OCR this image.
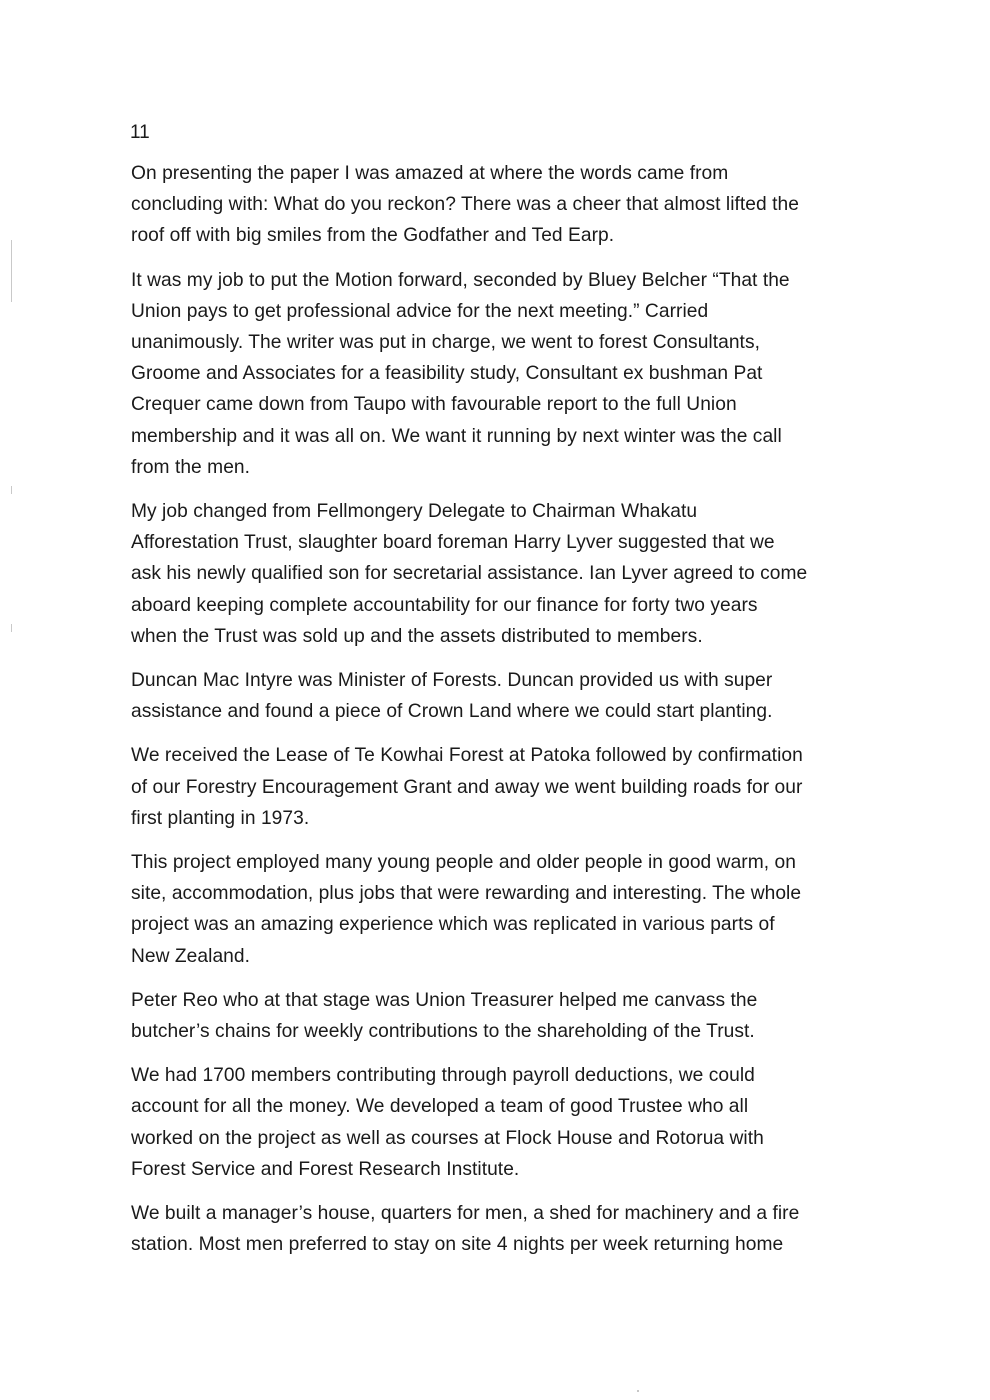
11

On presenting the paper I was amazed at where the words came from
concluding with: What do you reckon? There was a cheer that almost lifted the
roof off with big smiles from the Godfather and Ted Earp.

It was my job to put the Motion forward, seconded by Bluey Belcher “That the
Union pays to get professional advice for the next meeting.” Carried
unanimously. The writer was put in charge, we went to forest Consultants,
Groome and Associates for a feasibility study, Consultant ex bushman Pat
Crequer came down from Taupo with favourable report to the full Union
membership and it was all on. We want it running by next winter was the call
from the men.

My job changed from Fellmongery Delegate to Chairman Whakatu
Afforestation Trust, slaughter board foreman Harry Lyver suggested that we
ask his newly qualified son for secretarial assistance. Ian Lyver agreed to come
aboard keeping complete accountability for our finance for forty two years
when the Trust was sold up and the assets distributed to members.

Duncan Mac Intyre was Minister of Forests. Duncan provided us with super
assistance and found a piece of Crown Land where we could start planting.

We received the Lease of Te Kowhai Forest at Patoka followed by confirmation
of our Forestry Encouragement Grant and away we went building roads for our
first planting in 1973.

This project employed many young people and older people in good warm, on
site, accommodation, plus jobs that were rewarding and interesting. The whole
project was an amazing experience which was replicated in various parts of
New Zealand.

Peter Reo who at that stage was Union Treasurer helped me canvass the
butcher’s chains for weekly contributions to the shareholding of the Trust.

We had 1700 members contributing through payroll deductions, we could
account for all the money. We developed a team of good Trustee who all
worked on the project as well as courses at Flock House and Rotorua with
Forest Service and Forest Research Institute.

We built a manager’s house, quarters for men, a shed for machinery and a fire
station. Most men preferred to stay on site 4 nights per week returning home
